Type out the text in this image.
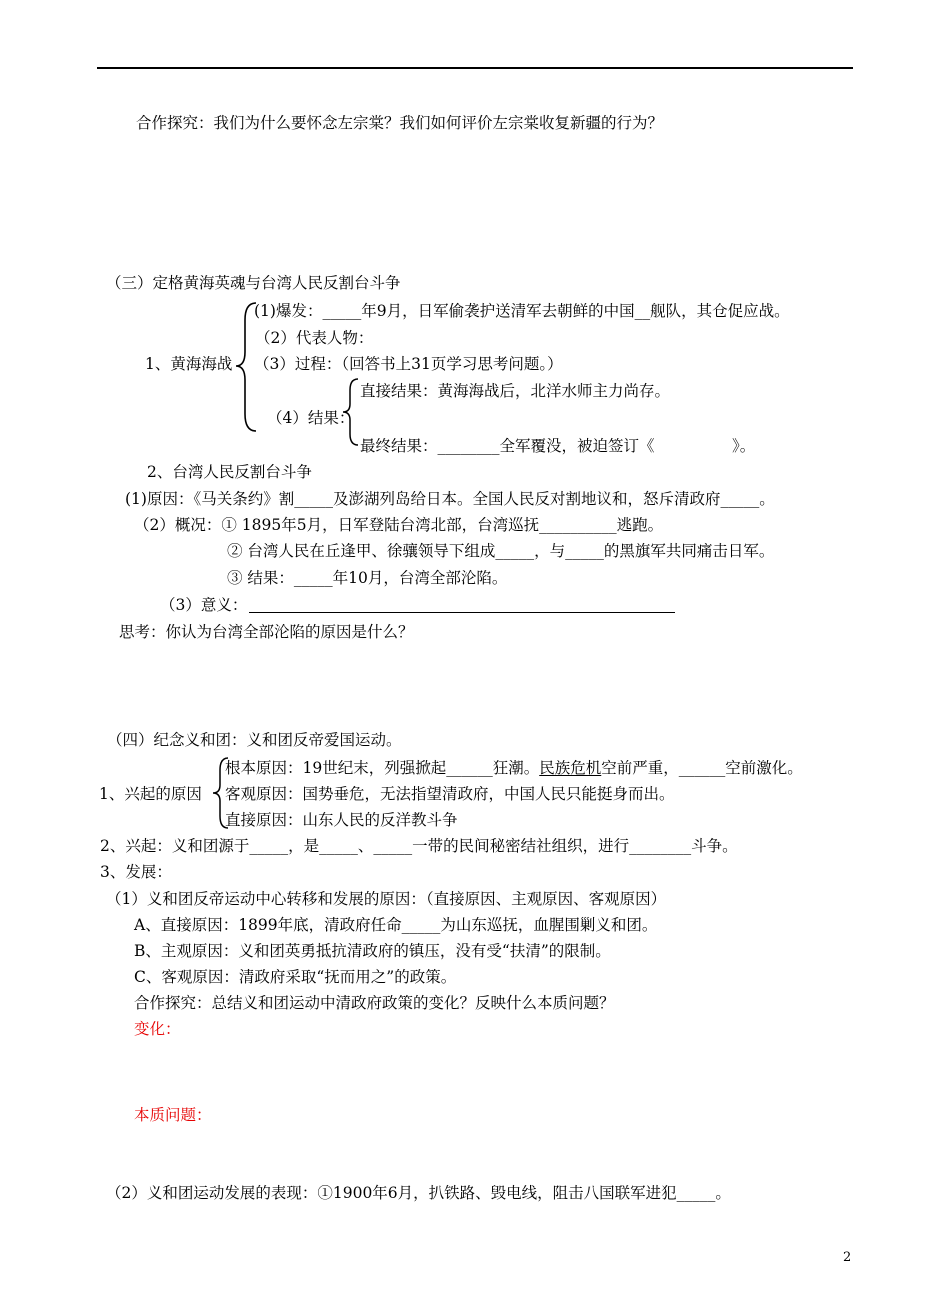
合作探究：我们为什么要怀念左宗棠？我们如何评价左宗棠收复新疆的行为？
（三）定格黄海英魂与台湾人民反割台斗争
(1)爆发：_____年9月，日军偷袭护送清军去朝鲜的中国__舰队，其仓促应战。
（2）代表人物：
1、黄海海战 （3）过程：（回答书上31页学习思考问题。）
直接结果：黄海海战后，北洋水师主力尚存。
（4）结果：
最终结果：________全军覆没，被迫签订《　　　　　》。
2、台湾人民反割台斗争
(1)原因：《马关条约》割_____及澎湖列岛给日本。全国人民反对割地议和，怒斥清政府_____。
（2）概况：① 1895年5月，日军登陆台湾北部，台湾巡抚__________逃跑。
② 台湾人民在丘逢甲、徐骧领导下组成_____，与_____的黑旗军共同痛击日军。
③ 结果：_____年10月，台湾全部沦陷。
（3）意义：
思考：你认为台湾全部沦陷的原因是什么？
（四）纪念义和团：义和团反帝爱国运动。
根本原因：19世纪末，列强掀起______狂潮。民族危机空前严重，______空前激化。
1、兴起的原因 客观原因：国势垂危，无法指望清政府，中国人民只能挺身而出。
直接原因：山东人民的反洋教斗争
2、兴起：义和团源于_____，是_____、_____一带的民间秘密结社组织，进行________斗争。
3、发展：
（1）义和团反帝运动中心转移和发展的原因：（直接原因、主观原因、客观原因）
A、直接原因：1899年底，清政府任命_____为山东巡抚，血腥围剿义和团。
B、主观原因：义和团英勇抵抗清政府的镇压，没有受“扶清”的限制。
C、客观原因：清政府采取“抚而用之”的政策。
合作探究：总结义和团运动中清政府政策的变化？反映什么本质问题？
变化：
本质问题：
（2）义和团运动发展的表现：①1900年6月，扒铁路、毁电线，阻击八国联军进犯_____。
2
